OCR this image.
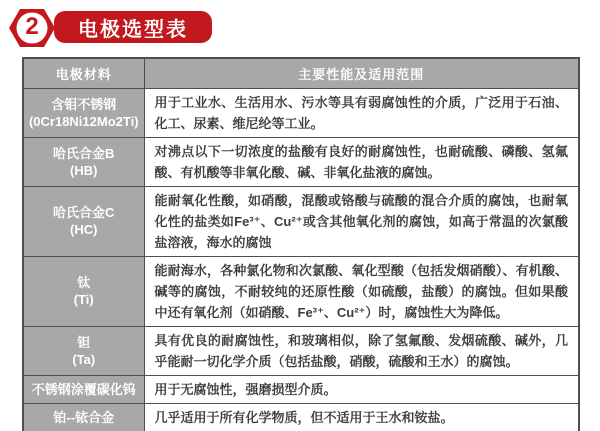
2	电极选型表
电极材料	主要性能及适用范围

含钼不锈钢
(0Cr18Ni12Mo2Ti)	用于工业水、生活用水、污水等具有弱腐蚀性的介质，广泛用于石油、化工、尿素、维尼纶等工业。

哈氏合金B
(HB)	对沸点以下一切浓度的盐酸有良好的耐腐蚀性，也耐硫酸、磷酸、氢氟酸、有机酸等非氧化酸、碱、非氧化盐液的腐蚀。

哈氏合金C
(HC)	能耐氧化性酸，如硝酸，混酸或铬酸与硫酸的混合介质的腐蚀，也耐氧化性的盐类如Fe³⁺、Cu²⁺或含其他氧化剂的腐蚀，如高于常温的次氯酸盐溶液，海水的腐蚀

钛
(Ti)	能耐海水，各种氯化物和次氯酸、氧化型酸（包括发烟硝酸）、有机酸、碱等的腐蚀，不耐较纯的还原性酸（如硫酸，盐酸）的腐蚀。但如果酸中还有氧化剂（如硝酸、Fe³⁺、Cu²⁺）时，腐蚀性大为降低。

钽
(Ta)	具有优良的耐腐蚀性，和玻璃相似，除了氢氟酸、发烟硫酸、碱外，几乎能耐一切化学介质（包括盐酸，硝酸，硫酸和王水）的腐蚀。

不锈钢涂覆碳化钨	用于无腐蚀性，强磨损型介质。

铂--铱合金	几乎适用于所有化学物质，但不适用于王水和铵盐。
